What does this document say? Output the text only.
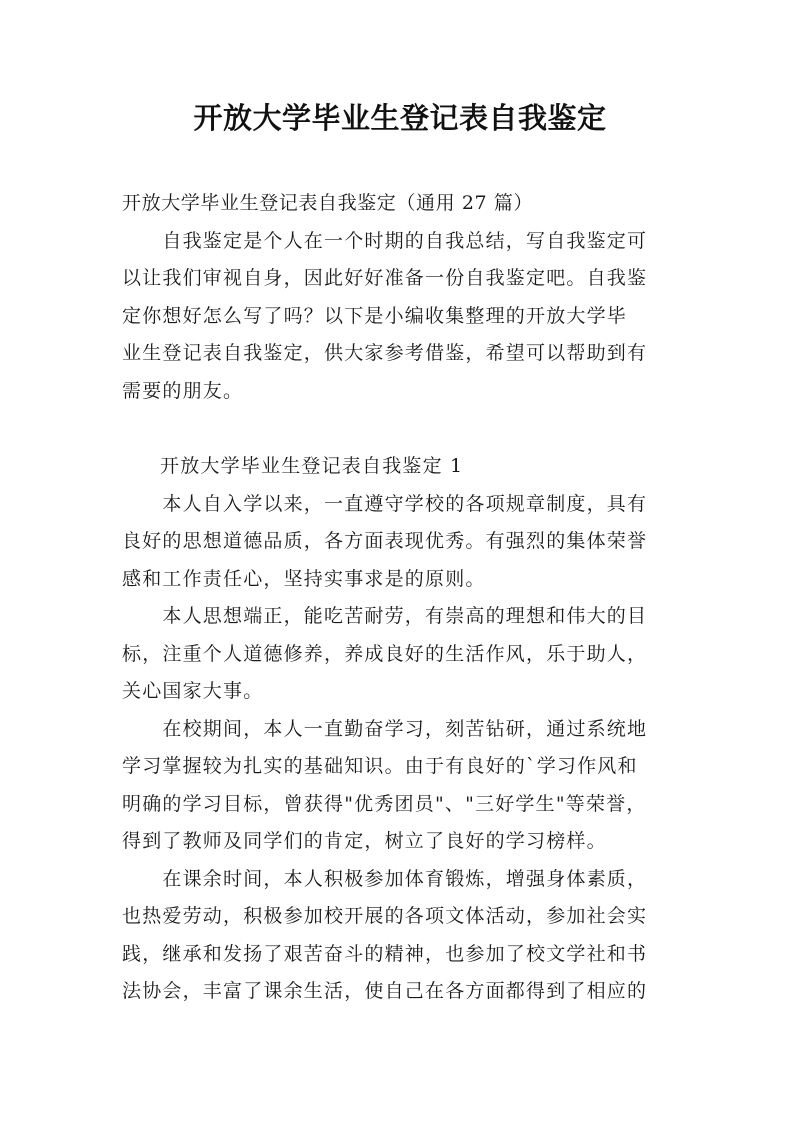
开放大学毕业生登记表自我鉴定
开放大学毕业生登记表自我鉴定（通用 27 篇）
　　自我鉴定是个人在一个时期的自我总结，写自我鉴定可
以让我们审视自身，因此好好准备一份自我鉴定吧。自我鉴
定你想好怎么写了吗？以下是小编收集整理的开放大学毕
业生登记表自我鉴定，供大家参考借鉴，希望可以帮助到有
需要的朋友。
开放大学毕业生登记表自我鉴定 1
　　本人自入学以来，一直遵守学校的各项规章制度，具有
良好的思想道德品质，各方面表现优秀。有强烈的集体荣誉
感和工作责任心，坚持实事求是的原则。
　　本人思想端正，能吃苦耐劳，有崇高的理想和伟大的目
标，注重个人道德修养，养成良好的生活作风，乐于助人，
关心国家大事。
　　在校期间，本人一直勤奋学习，刻苦钻研，通过系统地
学习掌握较为扎实的基础知识。由于有良好的`学习作风和
明确的学习目标，曾获得"优秀团员"、"三好学生"等荣誉，
得到了教师及同学们的肯定，树立了良好的学习榜样。
　　在课余时间，本人积极参加体育锻炼，增强身体素质，
也热爱劳动，积极参加校开展的各项文体活动，参加社会实
践，继承和发扬了艰苦奋斗的精神，也参加了校文学社和书
法协会，丰富了课余生活，使自己在各方面都得到了相应的
